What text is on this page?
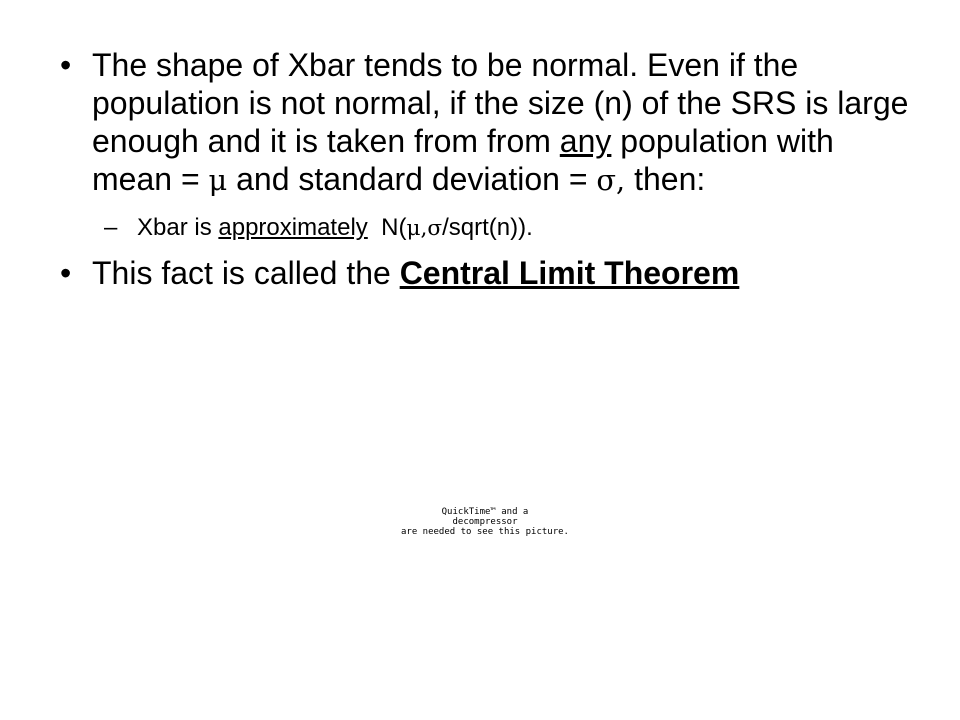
• The shape of Xbar tends to be normal. Even if the population is not normal, if the size (n) of the SRS is large enough and it is taken from from any population with mean = μ and standard deviation = σ, then:
– Xbar is approximately  N(μ,σ/sqrt(n)).
• This fact is called the Central Limit Theorem
QuickTime™ and a
decompressor
are needed to see this picture.
